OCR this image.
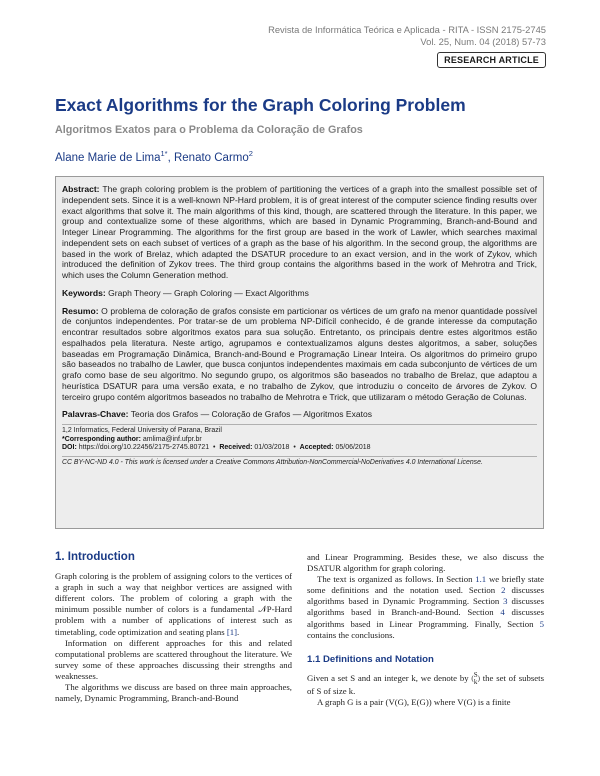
Revista de Informática Teórica e Aplicada - RITA - ISSN 2175-2745
Vol. 25, Num. 04 (2018) 57-73
RESEARCH ARTICLE
Exact Algorithms for the Graph Coloring Problem
Algoritmos Exatos para o Problema da Coloração de Grafos
Alane Marie de Lima$^{1*}$, Renato Carmo$^2$

Abstract: The graph coloring problem is the problem of partitioning the vertices of a graph into the smallest possible set of independent sets. Since it is a well-known NP-Hard problem, it is of great interest of the computer science finding results over exact algorithms that solve it. The main algorithms of this kind, though, are scattered through the literature. In this paper, we group and contextualize some of these algorithms, which are based in Dynamic Programming, Branch-and-Bound and Integer Linear Programming. The algorithms for the first group are based in the work of Lawler, which searches maximal independent sets on each subset of vertices of a graph as the base of his algorithm. In the second group, the algorithms are based in the work of Brelaz, which adapted the DSATUR procedure to an exact version, and in the work of Zykov, which introduced the definition of Zykov trees. The third group contains the algorithms based in the work of Mehrotra and Trick, which uses the Column Generation method.

Keywords: Graph Theory — Graph Coloring — Exact Algorithms

Resumo: O problema de coloração de grafos consiste em particionar os vértices de um grafo na menor quantidade possível de conjuntos independentes. Por tratar-se de um problema NP-Difícil conhecido, é de grande interesse da computação encontrar resultados sobre algoritmos exatos para sua solução. Entretanto, os principais dentre estes algoritmos estão espalhados pela literatura. Neste artigo, agrupamos e contextualizamos alguns destes algoritmos, a saber, soluções baseadas em Programação Dinâmica, Branch-and-Bound e Programação Linear Inteira. Os algoritmos do primeiro grupo são baseados no trabalho de Lawler, que busca conjuntos independentes maximais em cada subconjunto de vértices de um grafo como base de seu algoritmo. No segundo grupo, os algoritmos são baseados no trabalho de Brelaz, que adaptou a heurística DSATUR para uma versão exata, e no trabalho de Zykov, que introduziu o conceito de árvores de Zykov. O terceiro grupo contém algoritmos baseados no trabalho de Mehrotra e Trick, que utilizaram o método Geração de Colunas.

Palavras-Chave: Teoria dos Grafos — Coloração de Grafos — Algoritmos Exatos

1,2 Informatics, Federal University of Parana, Brazil
*Corresponding author: amlima@inf.ufpr.br
DOI: https://doi.org/10.22456/2175-2745.80721  •  Received: 01/03/2018  •  Accepted: 05/06/2018
CC BY-NC-ND 4.0 - This work is licensed under a Creative Commons Attribution-NonCommercial-NoDerivatives 4.0 International License.
1. Introduction

Graph coloring is the problem of assigning colors to the vertices of a graph in such a way that neighbor vertices are assigned with different colors. The problem of coloring a graph with the minimum possible number of colors is a fundamental 𝒩P-Hard problem with a number of applications of interest such as timetabling, code optimization and seating plans [1].

Information on different approaches for this and related computational problems are scattered throughout the literature. We survey some of these approaches discussing their strengths and weaknesses.

The algorithms we discuss are based on three main approaches, namely, Dynamic Programming, Branch-and-Bound

and Linear Programming. Besides these, we also discuss the DSATUR algorithm for graph coloring.

The text is organized as follows. In Section 1.1 we briefly state some definitions and the notation used. Section 2 discusses algorithms based in Dynamic Programming. Section 3 discusses algorithms based in Branch-and-Bound. Section 4 discusses algorithms based in Linear Programming. Finally, Section 5 contains the conclusions.

1.1 Definitions and Notation

Given a set S and an integer k, we denote by ( S
k ) the set of subsets of S of size k.

A graph G is a pair (V(G), E(G)) where V(G) is a finite
